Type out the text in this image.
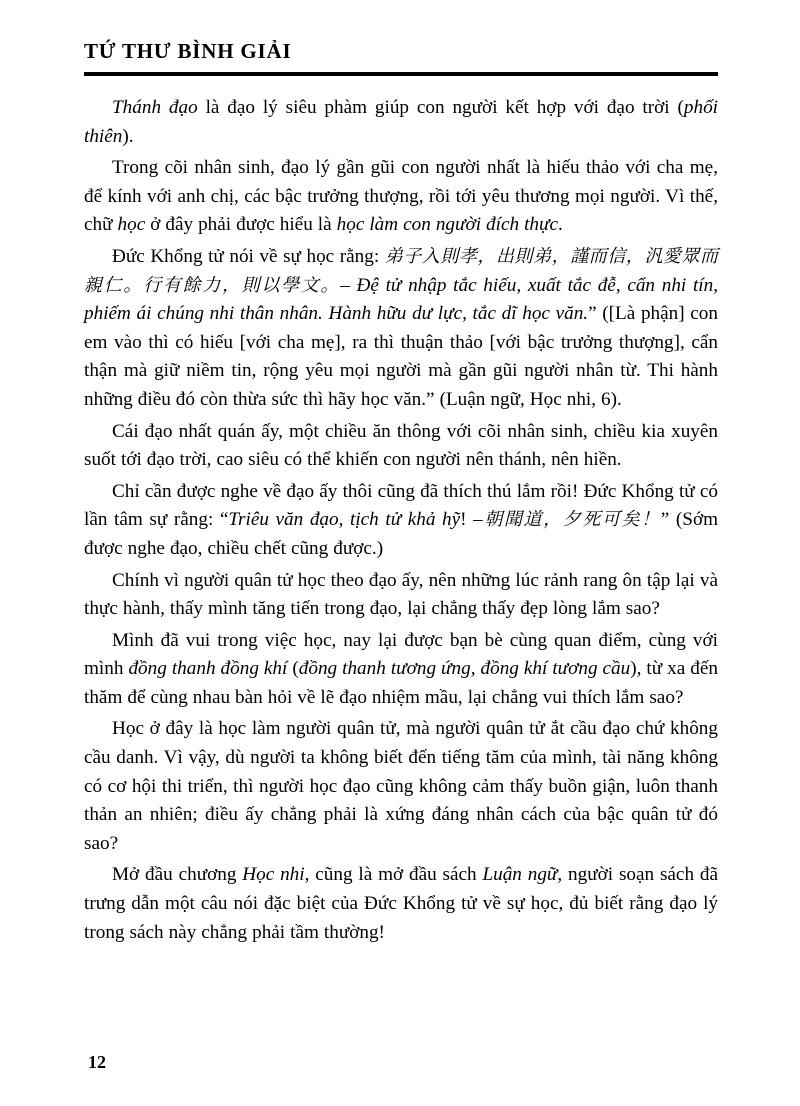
TỨ THƯ BÌNH GIẢI

Thánh đạo là đạo lý siêu phàm giúp con người kết hợp với đạo trời (phối thiên).

Trong cõi nhân sinh, đạo lý gần gũi con người nhất là hiếu thảo với cha mẹ, để kính với anh chị, các bậc trưởng thượng, rồi tới yêu thương mọi người. Vì thế, chữ học ở đây phải được hiểu là học làm con người đích thực.

Đức Khổng tử nói về sự học rằng: 弟子入則孝，出則弟，謹而信，汎愛眾而親仁。行有餘力，則以學文。– Đệ tử nhập tắc hiếu, xuất tắc đễ, cẩn nhi tín, phiếm ái chúng nhi thân nhân. Hành hữu dư lực, tắc dĩ học văn.” ([Là phận] con em vào thì có hiếu [với cha mẹ], ra thì thuận thảo [với bậc trưởng thượng], cẩn thận mà giữ niềm tin, rộng yêu mọi người mà gần gũi người nhân từ. Thi hành những điều đó còn thừa sức thì hãy học văn.” (Luận ngữ, Học nhi, 6).

Cái đạo nhất quán ấy, một chiều ăn thông với cõi nhân sinh, chiều kia xuyên suốt tới đạo trời, cao siêu có thể khiến con người nên thánh, nên hiền.

Chỉ cần được nghe về đạo ấy thôi cũng đã thích thú lắm rồi! Đức Khổng tử có lần tâm sự rằng: “Triêu văn đạo, tịch tử khả hỹ! –朝聞道，夕死可矣！” (Sớm được nghe đạo, chiều chết cũng được.)

Chính vì người quân tử học theo đạo ấy, nên những lúc rảnh rang ôn tập lại và thực hành, thấy mình tăng tiến trong đạo, lại chẳng thấy đẹp lòng lắm sao?

Mình đã vui trong việc học, nay lại được bạn bè cùng quan điểm, cùng với mình đồng thanh đồng khí (đồng thanh tương ứng, đồng khí tương cầu), từ xa đến thăm để cùng nhau bàn hỏi về lẽ đạo nhiệm mầu, lại chẳng vui thích lắm sao?

Học ở đây là học làm người quân tử, mà người quân tử ắt cầu đạo chứ không cầu danh. Vì vậy, dù người ta không biết đến tiếng tăm của mình, tài năng không có cơ hội thi triển, thì người học đạo cũng không cảm thấy buồn giận, luôn thanh thản an nhiên; điều ấy chẳng phải là xứng đáng nhân cách của bậc quân tử đó sao?

Mở đầu chương Học nhi, cũng là mở đầu sách Luận ngữ, người soạn sách đã trưng dẫn một câu nói đặc biệt của Đức Khổng tử về sự học, đủ biết rằng đạo lý trong sách này chẳng phải tầm thường!

12
